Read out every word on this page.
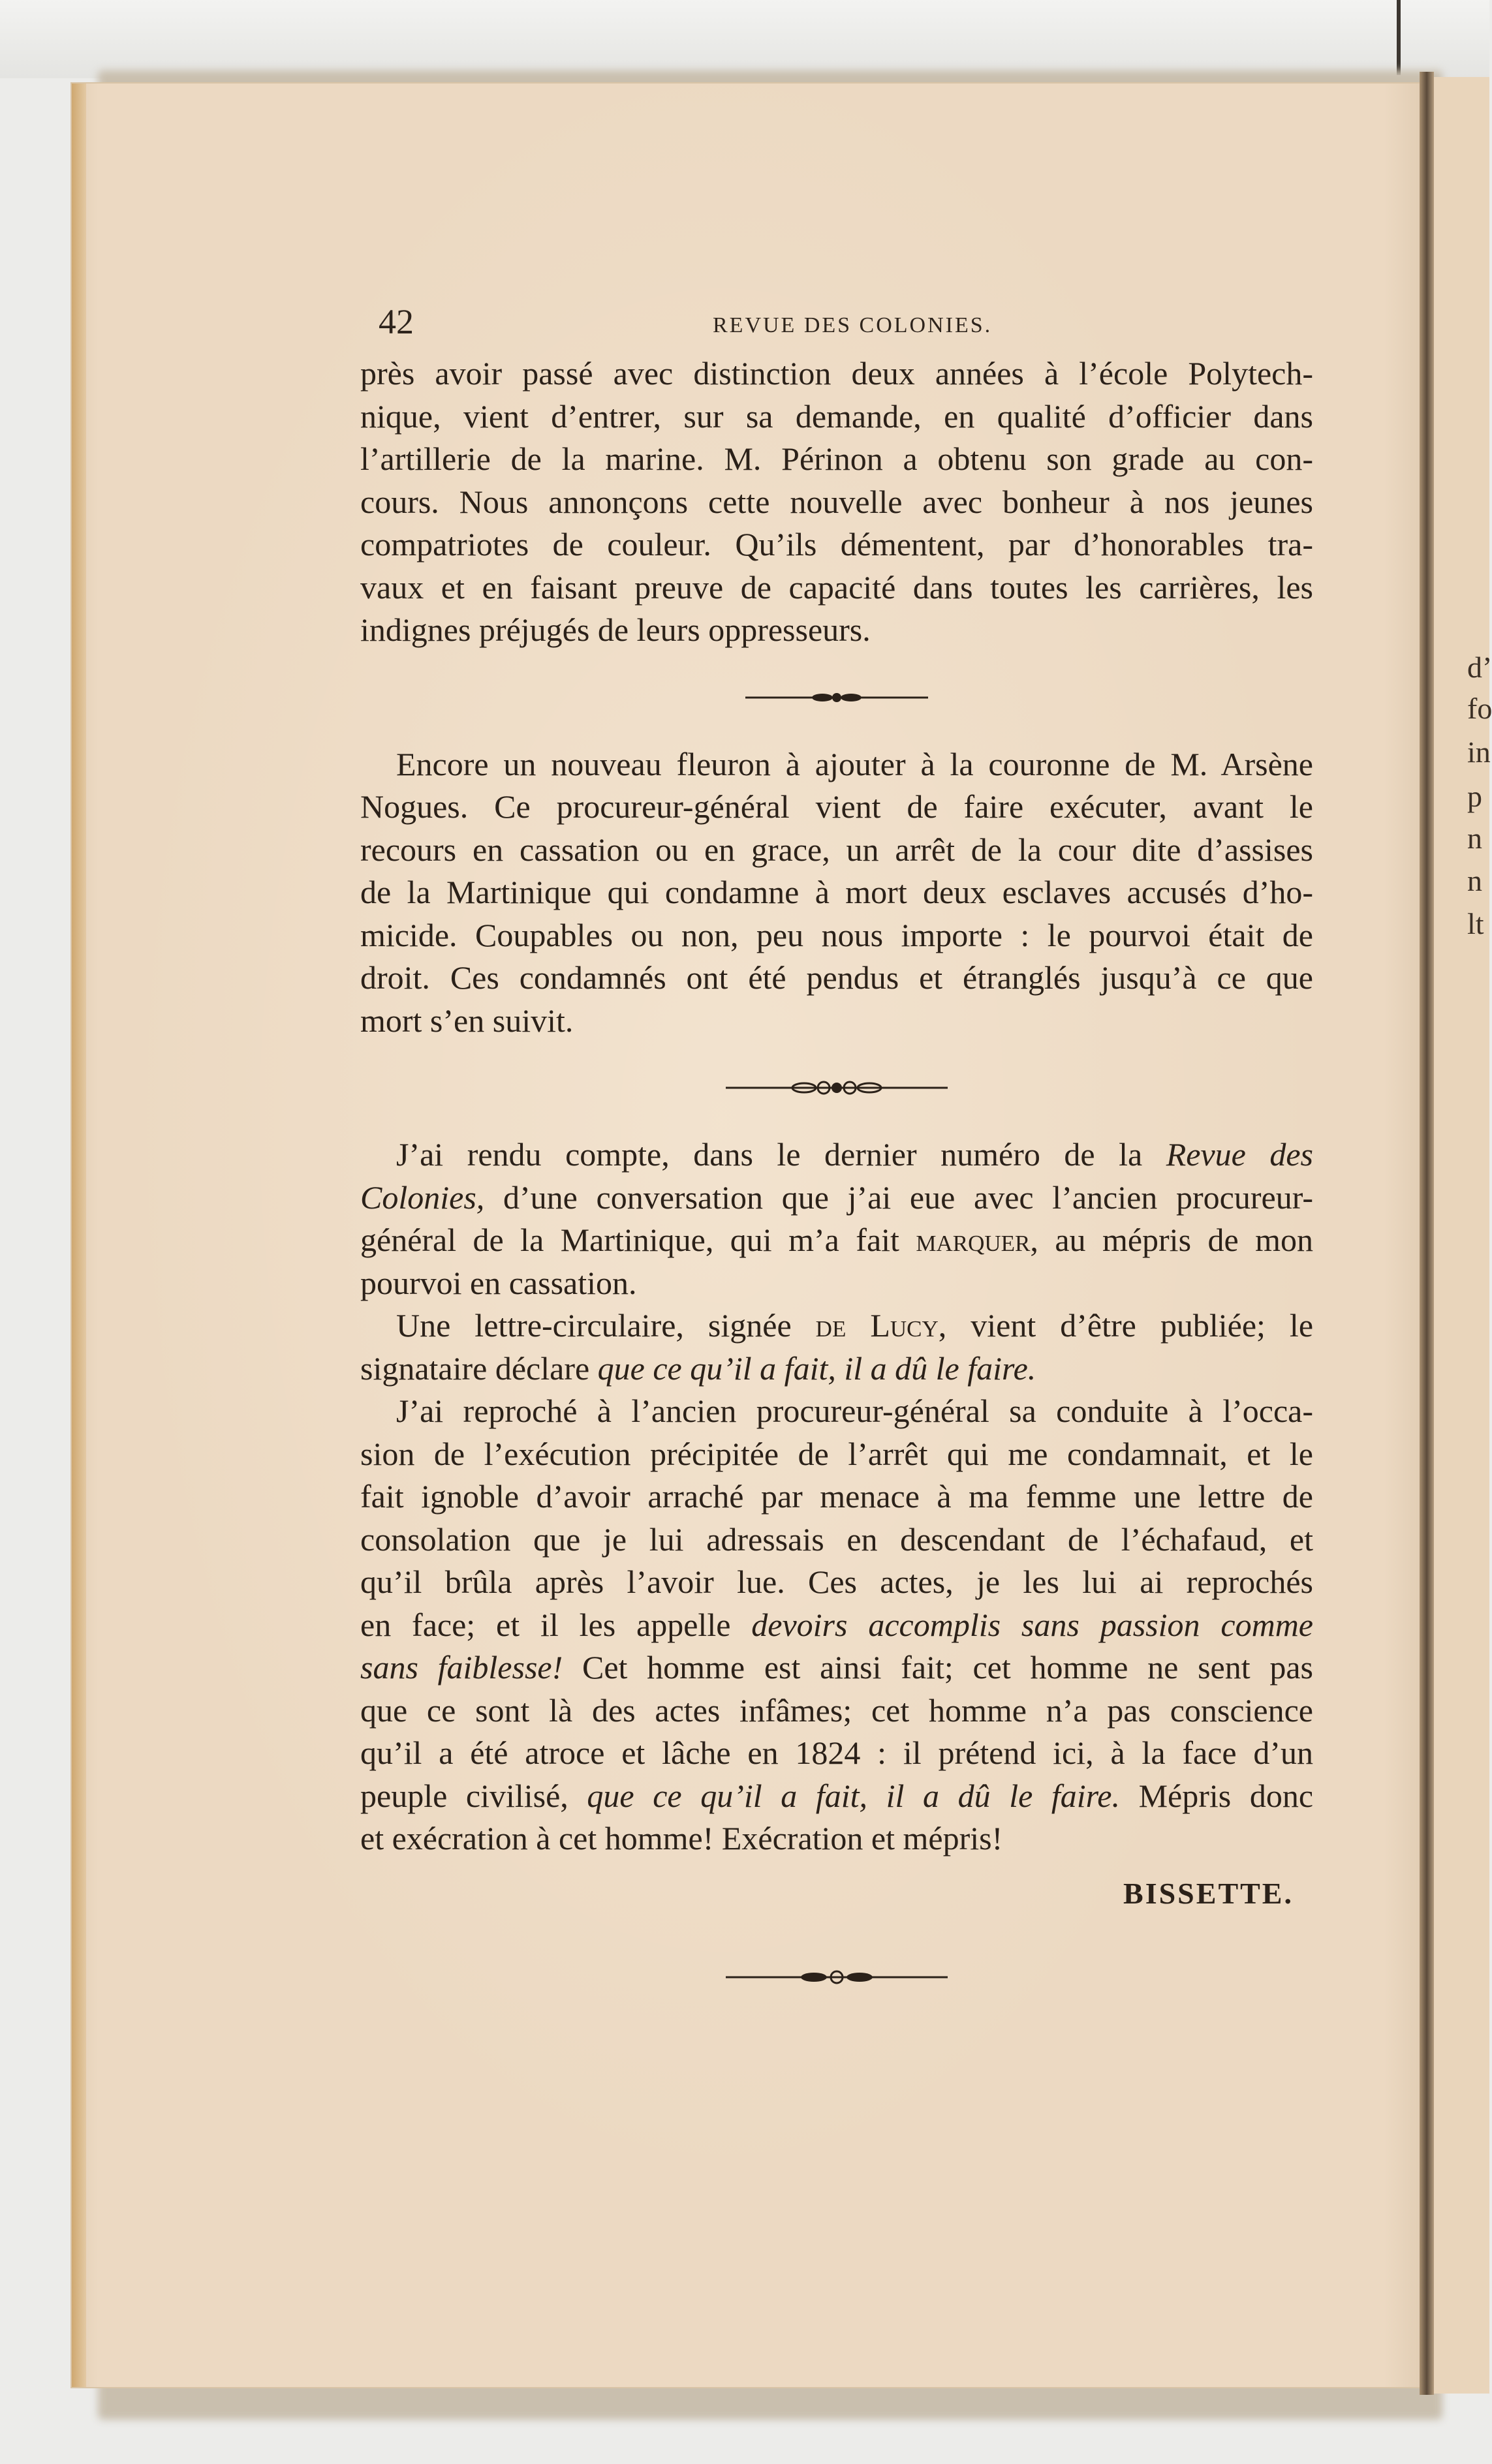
d’
fo
in
p
n
n
lt
42	REVUE DES COLONIES.
près avoir passé avec distinction deux années à l’école Polytech-
nique, vient d’entrer, sur sa demande, en qualité d’officier dans
l’artillerie de la marine. M. Périnon a obtenu son grade au con-
cours. Nous annonçons cette nouvelle avec bonheur à nos jeunes
compatriotes de couleur. Qu’ils démentent, par d’honorables tra-
vaux et en faisant preuve de capacité dans toutes les carrières, les
indignes préjugés de leurs oppresseurs.
Encore un nouveau fleuron à ajouter à la couronne de M. Arsène
Nogues. Ce procureur-général vient de faire exécuter, avant le
recours en cassation ou en grace, un arrêt de la cour dite d’assises
de la Martinique qui condamne à mort deux esclaves accusés d’ho-
micide. Coupables ou non, peu nous importe : le pourvoi était de
droit. Ces condamnés ont été pendus et étranglés jusqu’à ce que
mort s’en suivit.
J’ai rendu compte, dans le dernier numéro de la Revue des
Colonies, d’une conversation que j’ai eue avec l’ancien procureur-
général de la Martinique, qui m’a fait marquer, au mépris de mon
pourvoi en cassation.
Une lettre-circulaire, signée de Lucy, vient d’être publiée; le
signataire déclare que ce qu’il a fait, il a dû le faire.
J’ai reproché à l’ancien procureur-général sa conduite à l’occa-
sion de l’exécution précipitée de l’arrêt qui me condamnait, et le
fait ignoble d’avoir arraché par menace à ma femme une lettre de
consolation que je lui adressais en descendant de l’échafaud, et
qu’il brûla après l’avoir lue. Ces actes, je les lui ai reprochés
en face; et il les appelle devoirs accomplis sans passion comme
sans faiblesse! Cet homme est ainsi fait; cet homme ne sent pas
que ce sont là des actes infâmes; cet homme n’a pas conscience
qu’il a été atroce et lâche en 1824 : il prétend ici, à la face d’un
peuple civilisé, que ce qu’il a fait, il a dû le faire. Mépris donc
et exécration à cet homme! Exécration et mépris!
BISSETTE.
